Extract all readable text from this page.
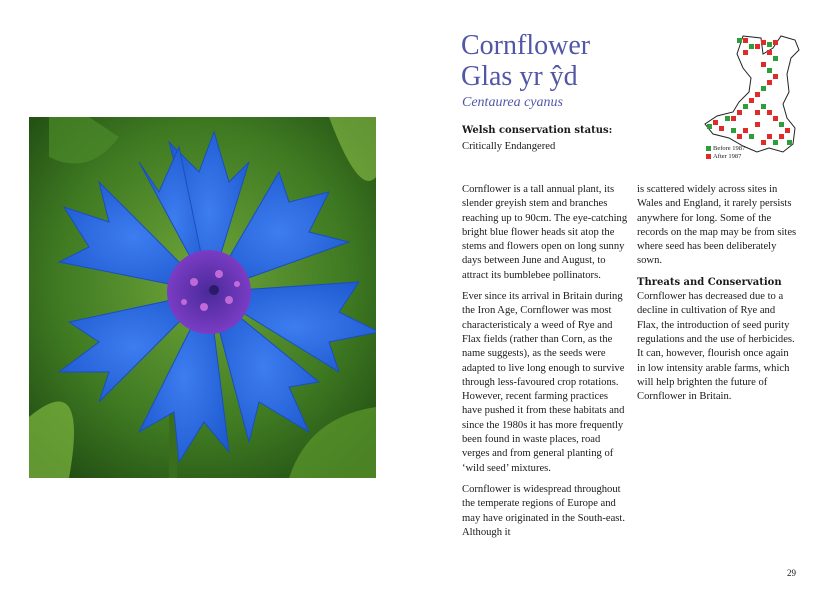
Cornflower
Glas yr ŷd

Centaurea cyanus

Welsh conservation status:
Critically Endangered	Before 1987
After 1987

Cornflower is a tall annual plant, its slender greyish stem and branches reaching up to 90cm. The eye-catching bright blue flower heads sit atop the stems and flowers open on long sunny days between June and August, to attract its bumblebee pollinators.

Ever since its arrival in Britain during the Iron Age, Cornflower was most characteristicaly a weed of Rye and Flax fields (rather than Corn, as the name suggests), as the seeds were adapted to live long enough to survive through less-favoured crop rotations. However, recent farming practices have pushed it from these habitats and since the 1980s it has more frequently been found in waste places, road verges and from general planting of ‘wild seed’ mixtures.

Cornflower is widespread throughout the temperate regions of Europe and may have originated in the South-east. Although it

is scattered widely across sites in Wales and England, it rarely persists anywhere for long. Some of the records on the map may be from sites where seed has been deliberately sown.

Threats and Conservation

Cornflower has decreased due to a decline in cultivation of Rye and Flax, the introduction of seed purity regulations and the use of herbicides. It can, however, flourish once again in low intensity arable farms, which will help brighten the future of Cornflower in Britain.

29
